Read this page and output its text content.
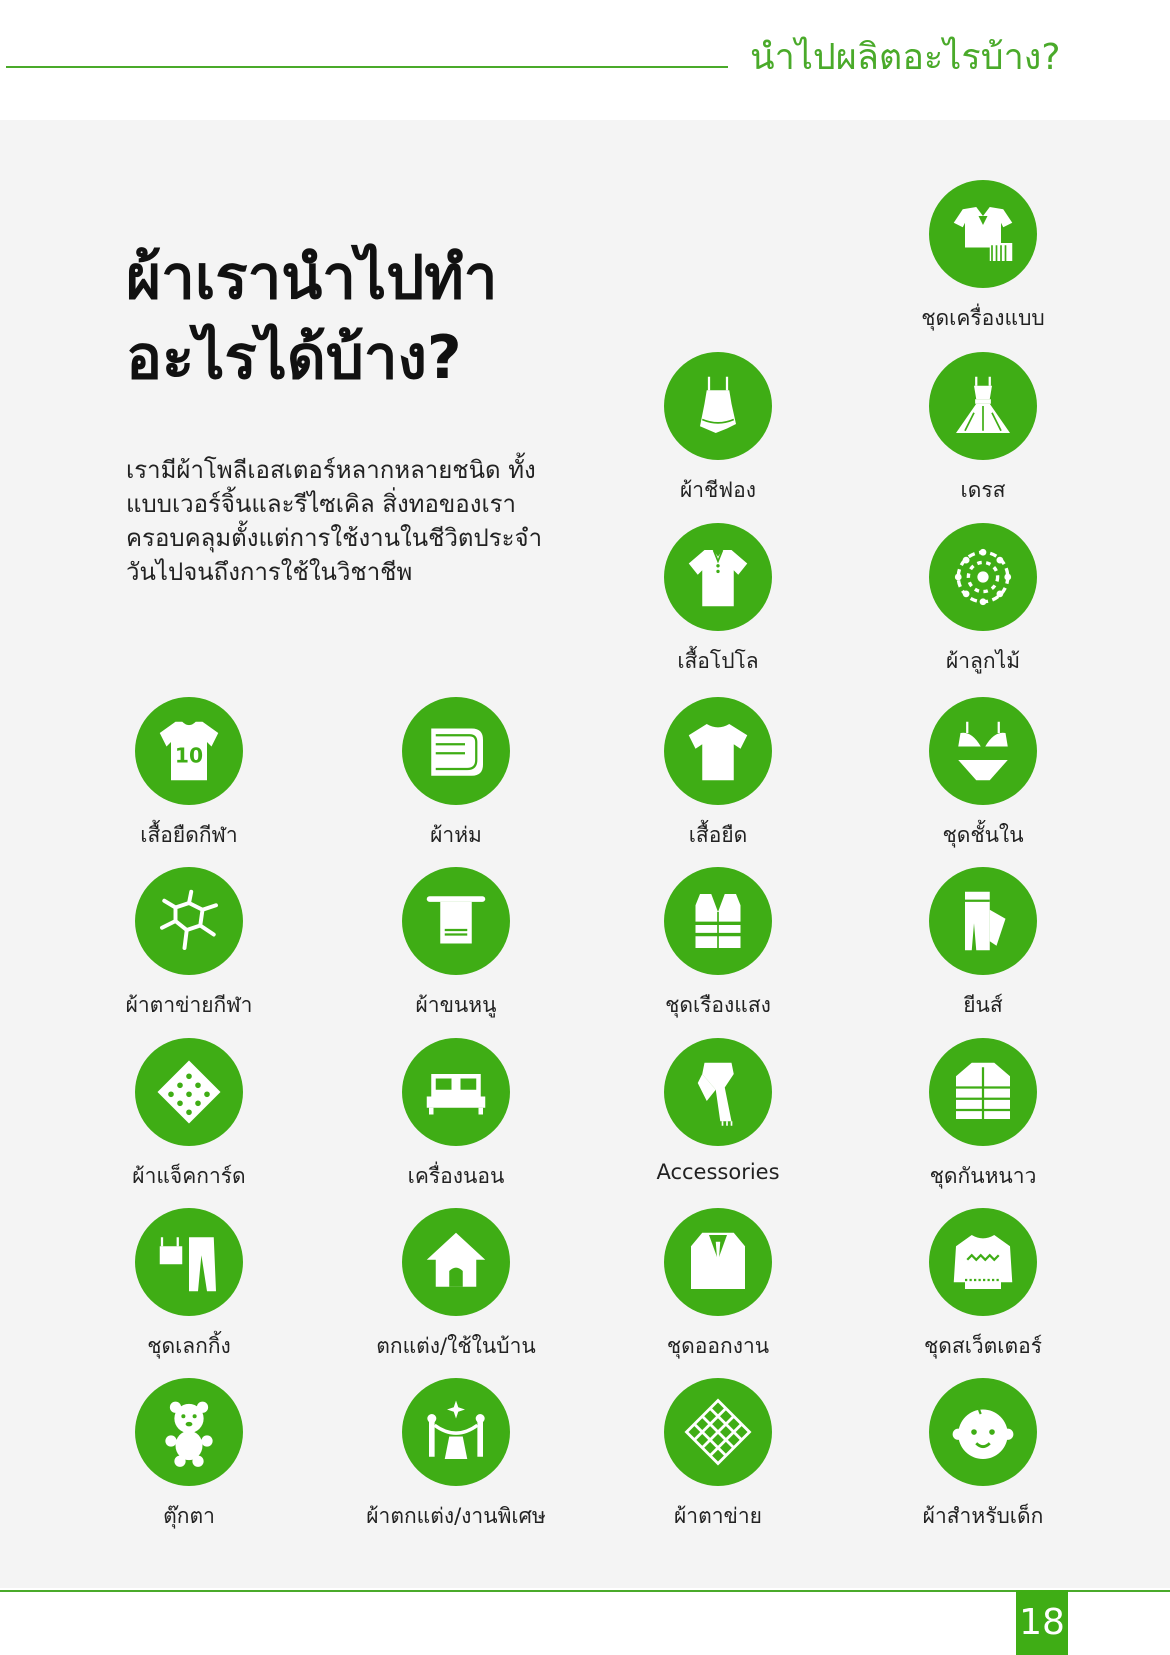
นำไปผลิตอะไรบ้าง?
ผ้าเรานำไปทำ
อะไรได้บ้าง?
เรามีผ้าโพลีเอสเตอร์หลากหลายชนิด ทั้งแบบเวอร์จิ้นและรีไซเคิล สิ่งทอของเราครอบคลุมตั้งแต่การใช้งานในชีวิตประจำวันไปจนถึงการใช้ในวิชาชีพ
ชุดเครื่องแบบ
ผ้าชีฟอง	เดรส
เสื้อโปโล	ผ้าลูกไม้
10
เสื้อยืดกีฬา	ผ้าห่ม	เสื้อยืด	ชุดชั้นใน
ผ้าตาข่ายกีฬา	ผ้าขนหนู	ชุดเรืองแสง	ยีนส์
ผ้าแจ็คการ์ด	เครื่องนอน	Accessories	ชุดกันหนาว
ชุดเลกกิ้ง	ตกแต่ง/ใช้ในบ้าน	ชุดออกงาน	ชุดสเว็ตเตอร์
ตุ๊กตา	ผ้าตกแต่ง/งานพิเศษ	ผ้าตาข่าย	ผ้าสำหรับเด็ก
18
